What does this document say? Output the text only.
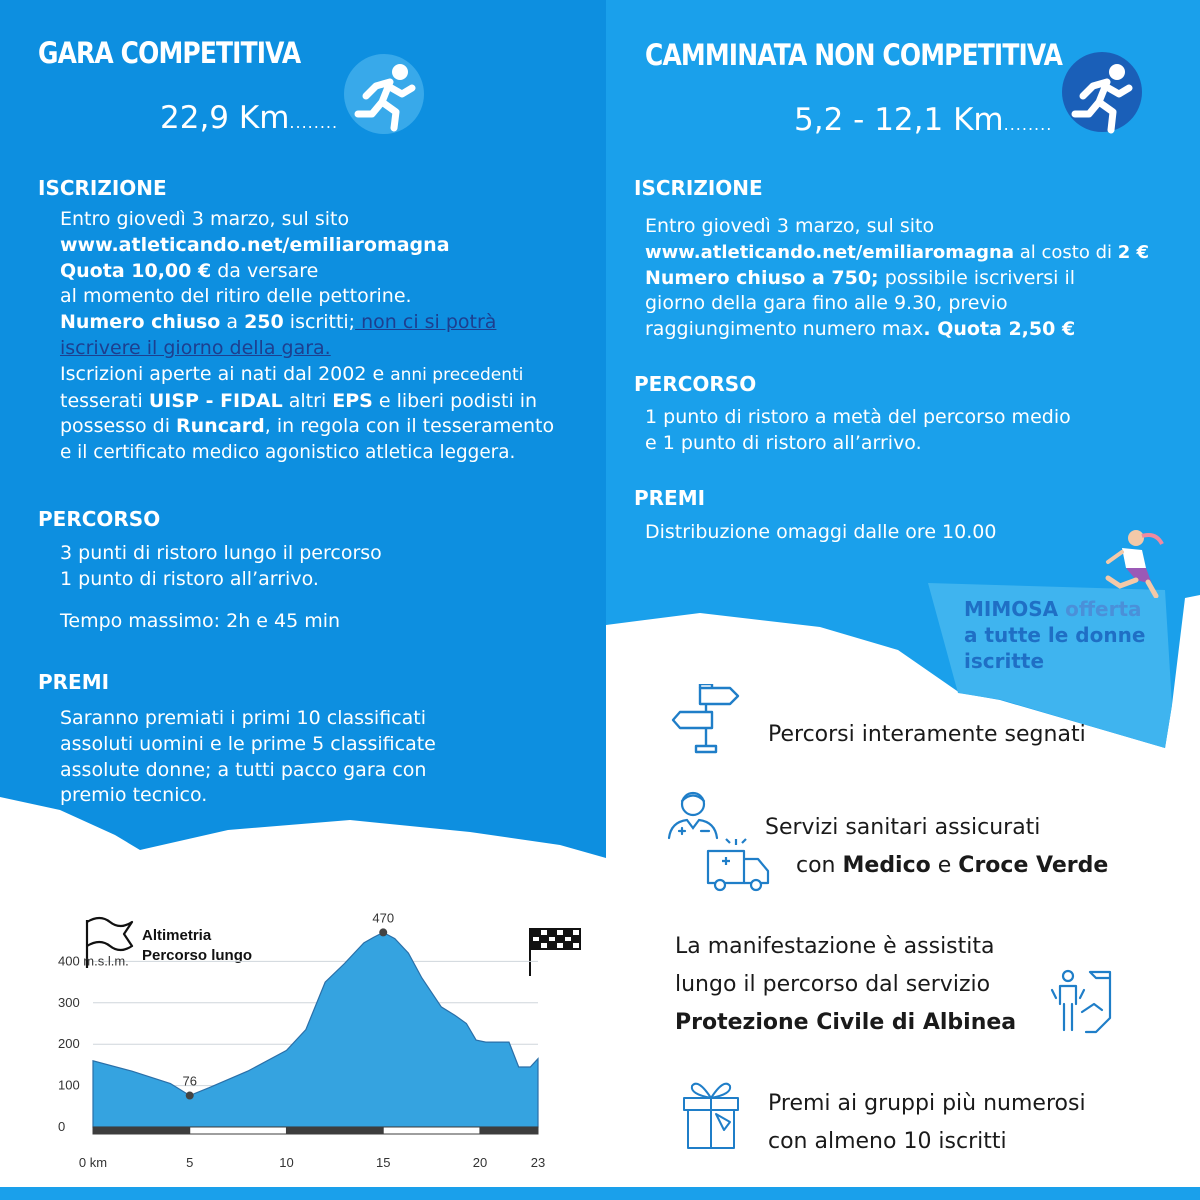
GARA COMPETITIVA
22,9 Km........
ISCRIZIONE
Entro giovedì 3 marzo, sul sito
www.atleticando.net/emiliaromagna
Quota 10,00 € da versare
al momento del ritiro delle pettorine.
Numero chiuso a 250 iscritti; non ci si potrà
iscrivere il giorno della gara.
Iscrizioni aperte ai nati dal 2002 e anni precedenti
tesserati UISP - FIDAL altri EPS e liberi podisti in
possesso di Runcard, in regola con il tesseramento
e il certificato medico agonistico atletica leggera.
PERCORSO
3 punti di ristoro lungo il percorso
1 punto di ristoro all’arrivo.
Tempo massimo: 2h e 45 min
PREMI
Saranno premiati i primi 10 classificati
assoluti uomini e le prime 5 classificate
assolute donne; a tutti pacco gara con
premio tecnico.
CAMMINATA NON COMPETITIVA
5,2 - 12,1 Km........
ISCRIZIONE
Entro giovedì 3 marzo, sul sito
www.atleticando.net/emiliaromagna al costo di 2 €
Numero chiuso a 750; possibile iscriversi il
giorno della gara fino alle 9.30, previo
raggiungimento numero max. Quota 2,50 €
PERCORSO
1 punto di ristoro a metà del percorso medio
e 1 punto di ristoro all’arrivo.
PREMI
Distribuzione omaggi dalle ore 10.00
MIMOSA offerta
a tutte le donne
iscritte
Percorsi interamente segnati
Servizi sanitari assicurati
con Medico e Croce Verde
La manifestazione è assistita
lungo il percorso dal servizio
Protezione Civile di Albinea
Premi ai gruppi più numerosi
con almeno 10 iscritti
Altimetria
Percorso lungo
0
100
200
300
400 m.s.l.m.
0 km	5	10	15	20	23
76
470
